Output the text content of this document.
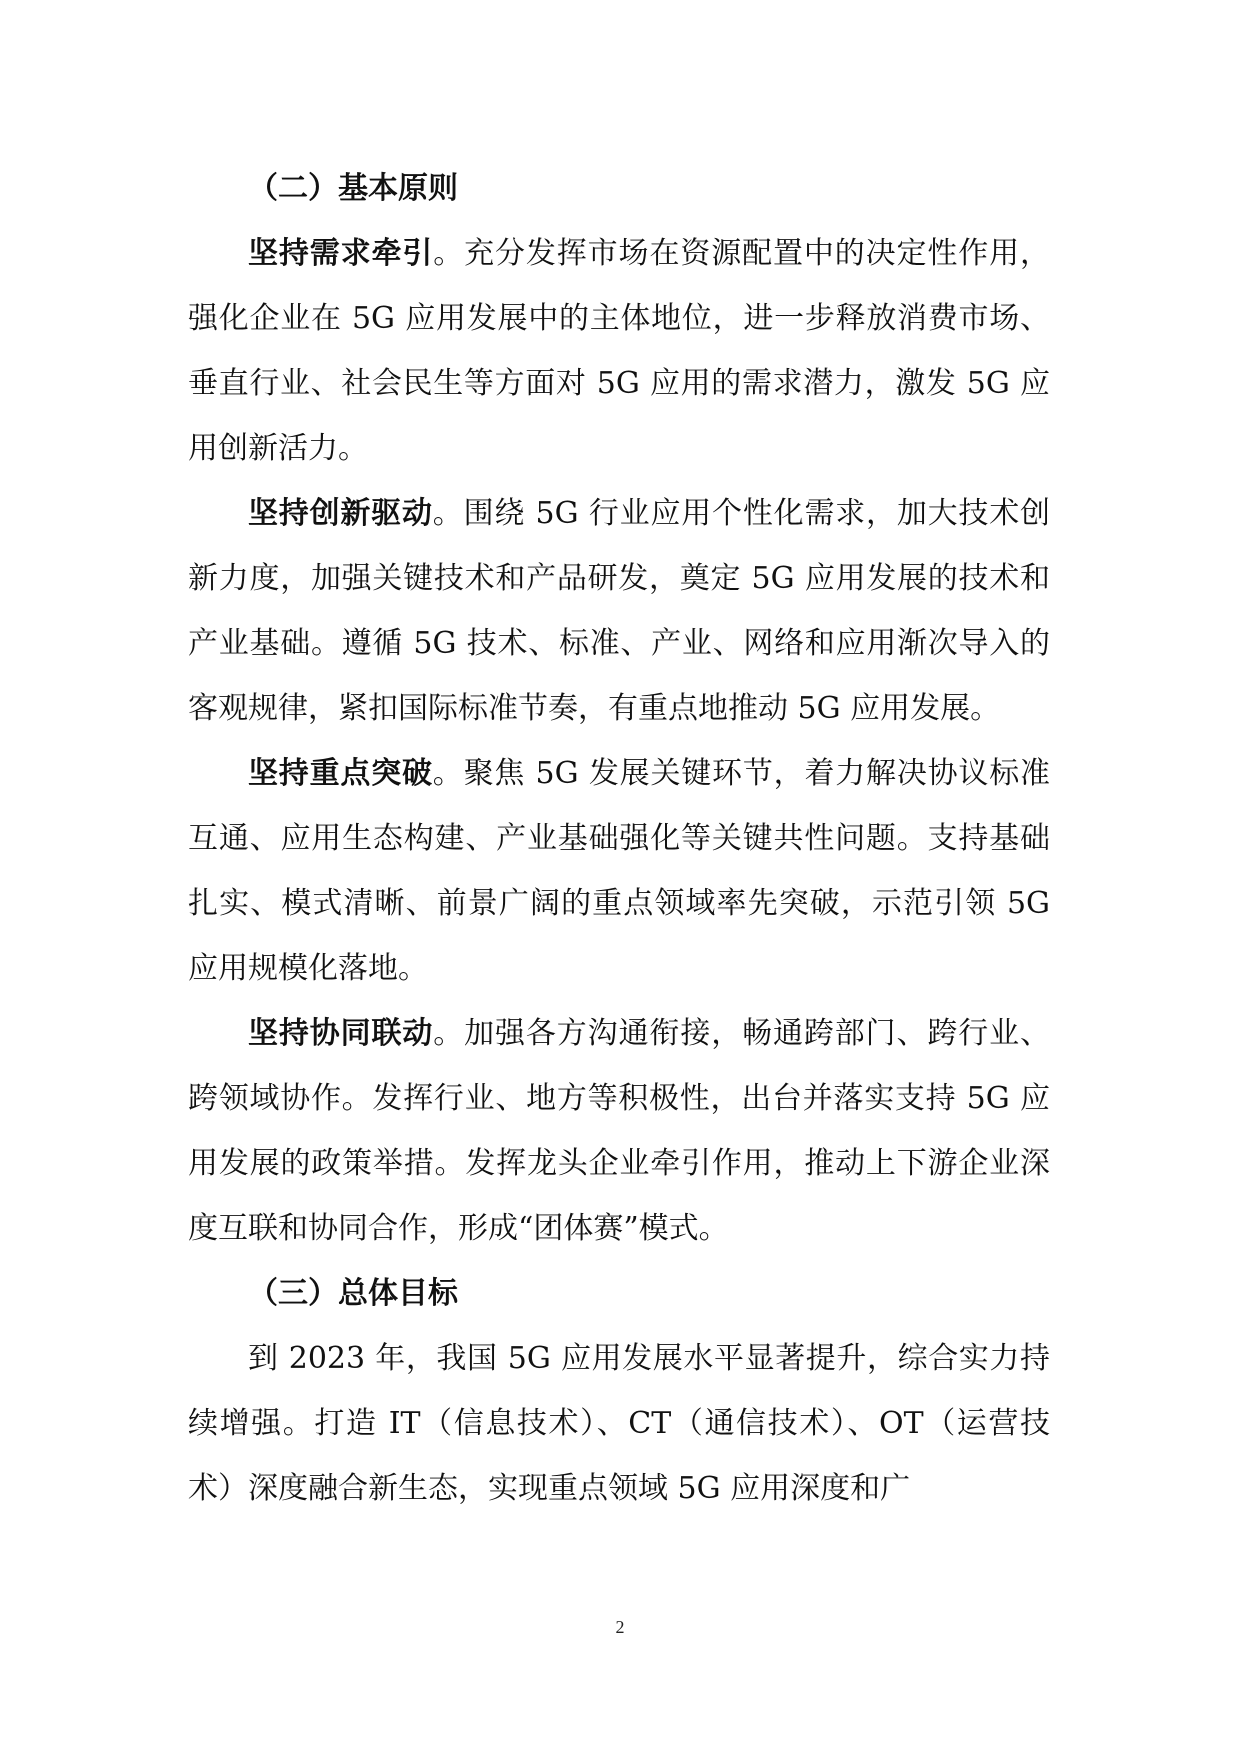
（二）基本原则

坚持需求牵引。充分发挥市场在资源配置中的决定性作用，强化企业在 5G 应用发展中的主体地位，进一步释放消费市场、垂直行业、社会民生等方面对 5G 应用的需求潜力，激发 5G 应用创新活力。

坚持创新驱动。围绕 5G 行业应用个性化需求，加大技术创新力度，加强关键技术和产品研发，奠定 5G 应用发展的技术和产业基础。遵循 5G 技术、标准、产业、网络和应用渐次导入的客观规律，紧扣国际标准节奏，有重点地推动 5G 应用发展。

坚持重点突破。聚焦 5G 发展关键环节，着力解决协议标准互通、应用生态构建、产业基础强化等关键共性问题。支持基础扎实、模式清晰、前景广阔的重点领域率先突破，示范引领 5G 应用规模化落地。

坚持协同联动。加强各方沟通衔接，畅通跨部门、跨行业、跨领域协作。发挥行业、地方等积极性，出台并落实支持 5G 应用发展的政策举措。发挥龙头企业牵引作用，推动上下游企业深度互联和协同合作，形成“团体赛”模式。

（三）总体目标

到 2023 年，我国 5G 应用发展水平显著提升，综合实力持续增强。打造 IT（信息技术）、CT（通信技术）、OT（运营技术）深度融合新生态，实现重点领域 5G 应用深度和广

2
